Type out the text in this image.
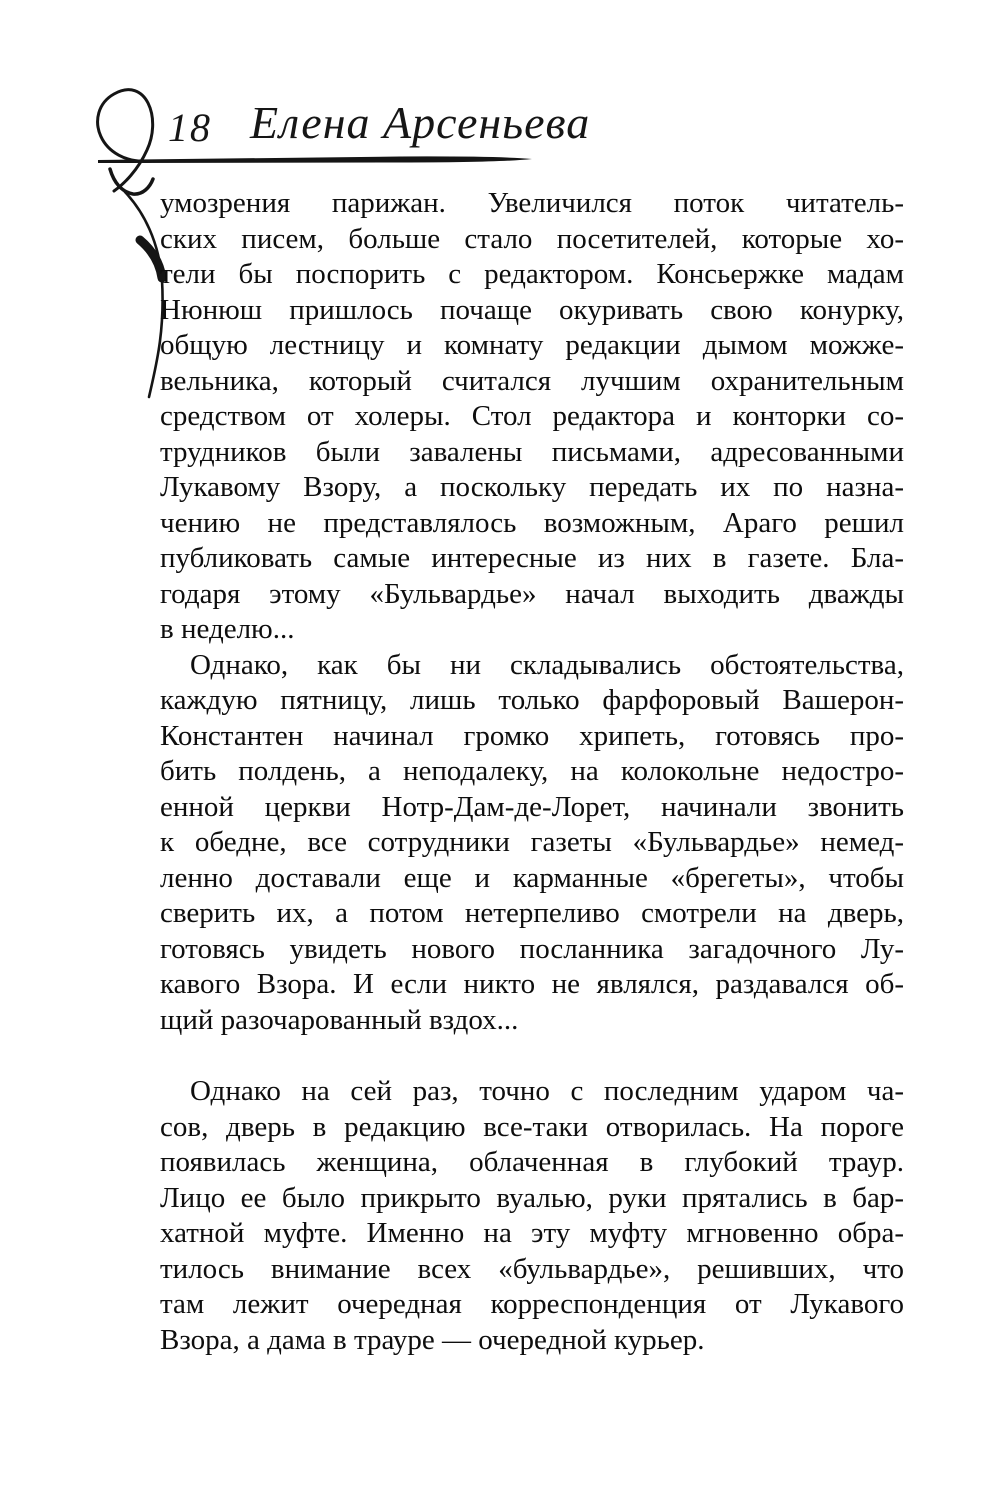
18 Елена Арсеньева
умозрения парижан. Увеличился поток читатель-
ских писем, больше стало посетителей, которые хо-
тели бы поспорить с редактором. Консьержке мадам
Нюнюш пришлось почаще окуривать свою конурку,
общую лестницу и комнату редакции дымом можже-
вельника, который считался лучшим охранительным
средством от холеры. Стол редактора и конторки со-
трудников были завалены письмами, адресованными
Лукавому Взору, а поскольку передать их по назна-
чению не представлялось возможным, Араго решил
публиковать самые интересные из них в газете. Бла-
годаря этому «Бульвардье» начал выходить дважды
в неделю...
Однако, как бы ни складывались обстоятельства,
каждую пятницу, лишь только фарфоровый Вашерон-
Константен начинал громко хрипеть, готовясь про-
бить полдень, а неподалеку, на колокольне недостро-
енной церкви Нотр-Дам-де-Лорет, начинали звонить
к обедне, все сотрудники газеты «Бульвардье» немед-
ленно доставали еще и карманные «брегеты», чтобы
сверить их, а потом нетерпеливо смотрели на дверь,
готовясь увидеть нового посланника загадочного Лу-
кавого Взора. И если никто не являлся, раздавался об-
щий разочарованный вздох...
Однако на сей раз, точно с последним ударом ча-
сов, дверь в редакцию все-таки отворилась. На пороге
появилась женщина, облаченная в глубокий траур.
Лицо ее было прикрыто вуалью, руки прятались в бар-
хатной муфте. Именно на эту муфту мгновенно обра-
тилось внимание всех «бульвардье», решивших, что
там лежит очередная корреспонденция от Лукавого
Взора, а дама в трауре — очередной курьер.
